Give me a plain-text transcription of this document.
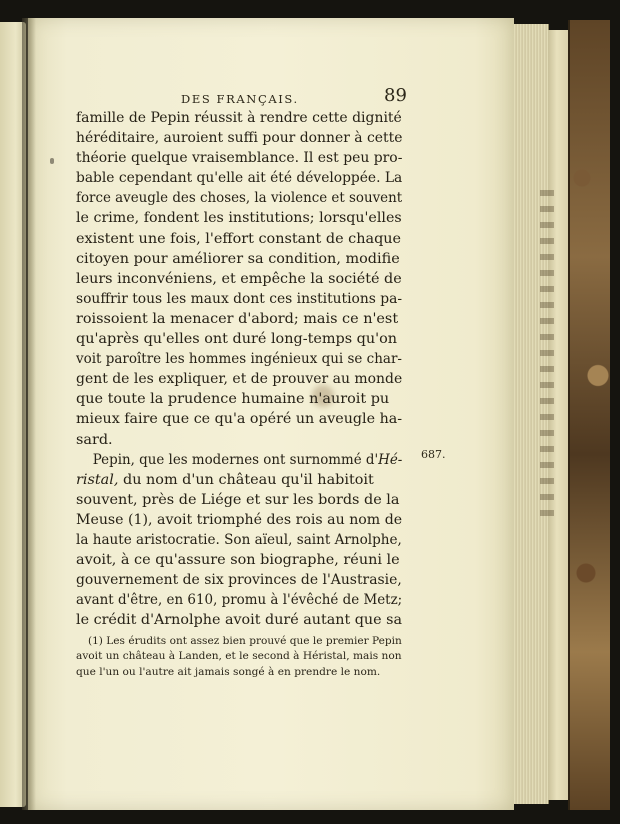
DES FRANÇAIS.	89

famille de Pepin réussit à rendre cette dignité
héréditaire, auroient suffi pour donner à cette
théorie quelque vraisemblance. Il est peu pro-
bable cependant qu'elle ait été développée. La
force aveugle des choses, la violence et souvent
le crime, fondent les institutions; lorsqu'elles
existent une fois, l'effort constant de chaque
citoyen pour améliorer sa condition, modifie
leurs inconvéniens, et empêche la société de
souffrir tous les maux dont ces institutions pa-
roissoient la menacer d'abord; mais ce n'est
qu'après qu'elles ont duré long-temps qu'on
voit paroître les hommes ingénieux qui se char-
gent de les expliquer, et de prouver au monde
que toute la prudence humaine n'auroit pu
mieux faire que ce qu'a opéré un aveugle ha-
sard.

Pepin, que les modernes ont surnommé d'Hé-
ristal, du nom d'un château qu'il habitoit
souvent, près de Liége et sur les bords de la
Meuse (1), avoit triomphé des rois au nom de
la haute aristocratie. Son aïeul, saint Arnolphe,
avoit, à ce qu'assure son biographe, réuni le
gouvernement de six provinces de l'Austrasie,
avant d'être, en 610, promu à l'évêché de Metz;
le crédit d'Arnolphe avoit duré autant que sa

687.
(1) Les érudits ont assez bien prouvé que le premier Pepin
avoit un château à Landen, et le second à Héristal, mais non
que l'un ou l'autre ait jamais songé à en prendre le nom.
